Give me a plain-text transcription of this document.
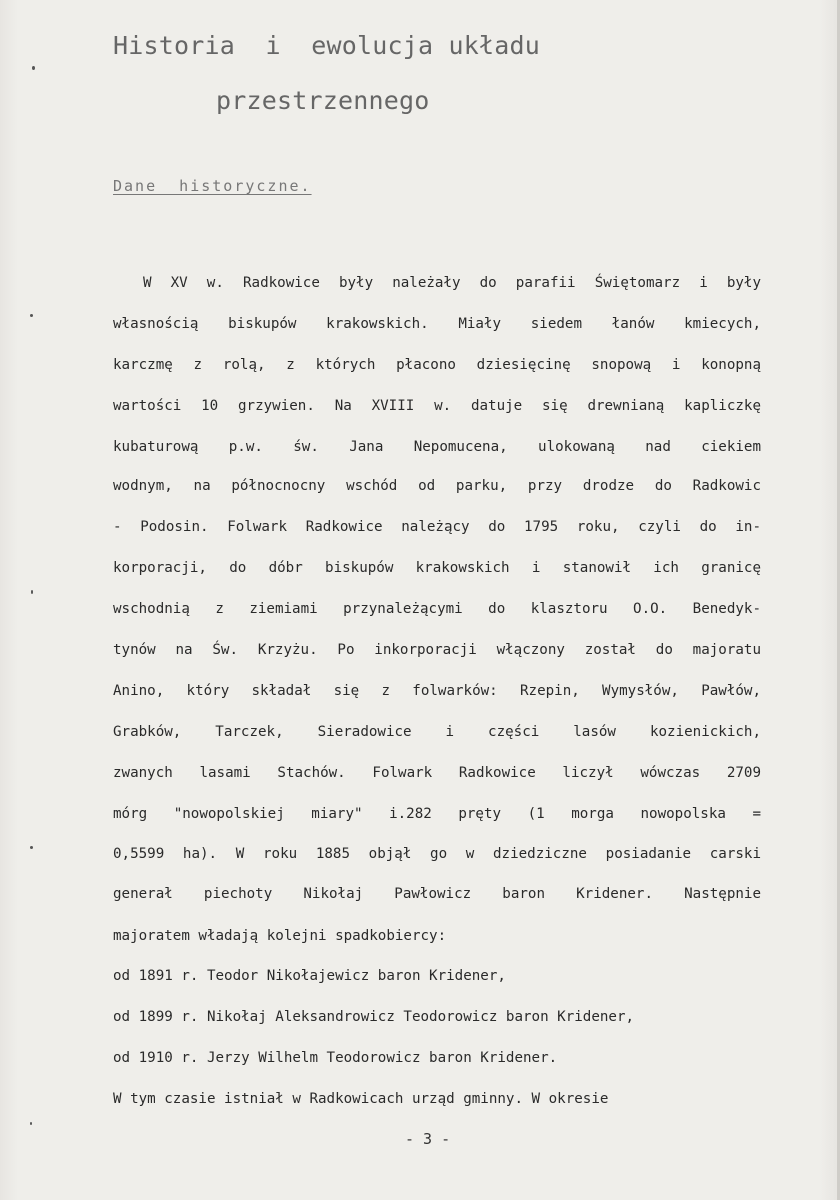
Historia  i  ewolucja układu
przestrzennego
Dane  historyczne.
W XV w. Radkowice były należały do parafii Świętomarz i były
własnością biskupów krakowskich. Miały siedem łanów kmiecych,
karczmę z rolą, z których płacono dziesięcinę snopową i konopną
wartości 10 grzywien. Na XVIII w. datuje się drewnianą kapliczkę
kubaturową p.w. św. Jana Nepomucena, ulokowaną nad ciekiem
wodnym, na północnocny wschód od parku, przy drodze do Radkowic
- Podosin. Folwark Radkowice należący do 1795 roku, czyli do in-
korporacji, do dóbr biskupów krakowskich i stanowił ich granicę
wschodnią z ziemiami przynależącymi do klasztoru O.O. Benedyk-
tynów na Św. Krzyżu. Po inkorporacji włączony został do majoratu
Anino, który składał się z folwarków: Rzepin, Wymysłów, Pawłów,
Grabków, Tarczek, Sieradowice i części lasów kozienickich,
zwanych lasami Stachów. Folwark Radkowice liczył wówczas 2709
mórg "nowopolskiej miary" i.282 pręty (1 morga nowopolska =
0,5599 ha). W roku 1885 objął go w dziedziczne posiadanie carski
generał piechoty Nikołaj Pawłowicz baron Kridener. Następnie
majoratem władają kolejni spadkobiercy:
od 1891 r. Teodor Nikołajewicz baron Kridener,
od 1899 r. Nikołaj Aleksandrowicz Teodorowicz baron Kridener,
od 1910 r. Jerzy Wilhelm Teodorowicz baron Kridener.
W tym czasie istniał w Radkowicach urząd gminny. W okresie
- 3 -
